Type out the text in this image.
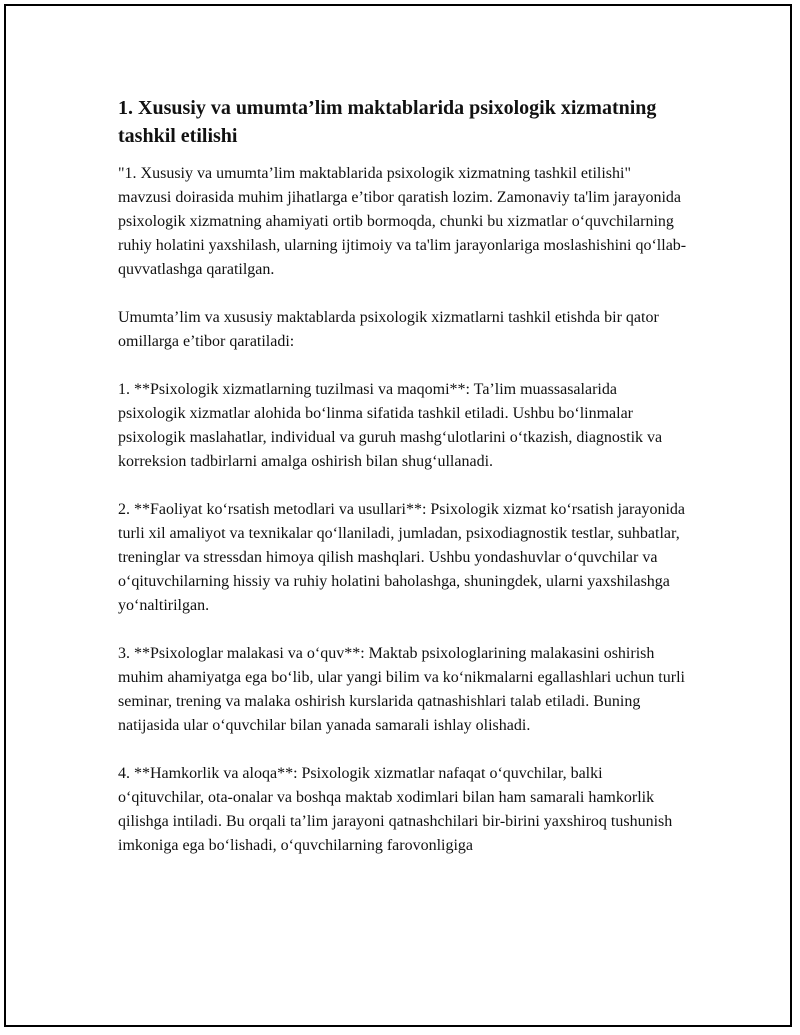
1. Xususiy va umumta’lim maktablarida psixologik xizmatning tashkil etilishi

"1. Xususiy va umumta’lim maktablarida psixologik xizmatning tashkil etilishi" mavzusi doirasida muhim jihatlarga e’tibor qaratish lozim. Zamonaviy ta'lim jarayonida psixologik xizmatning ahamiyati ortib bormoqda, chunki bu xizmatlar o‘quvchilarning ruhiy holatini yaxshilash, ularning ijtimoiy va ta'lim jarayonlariga moslashishini qo‘llab-quvvatlashga qaratilgan.

Umumta’lim va xususiy maktablarda psixologik xizmatlarni tashkil etishda bir qator omillarga e’tibor qaratiladi:

1. **Psixologik xizmatlarning tuzilmasi va maqomi**: Ta’lim muassasalarida psixologik xizmatlar alohida bo‘linma sifatida tashkil etiladi. Ushbu bo‘linmalar psixologik maslahatlar, individual va guruh mashg‘ulotlarini o‘tkazish, diagnostik va korreksion tadbirlarni amalga oshirish bilan shug‘ullanadi.

2. **Faoliyat ko‘rsatish metodlari va usullari**: Psixologik xizmat ko‘rsatish jarayonida turli xil amaliyot va texnikalar qo‘llaniladi, jumladan, psixodiagnostik testlar, suhbatlar, treninglar va stressdan himoya qilish mashqlari. Ushbu yondashuvlar o‘quvchilar va o‘qituvchilarning hissiy va ruhiy holatini baholashga, shuningdek, ularni yaxshilashga yo‘naltirilgan.

3. **Psixologlar malakasi va o‘quv**: Maktab psixologlarining malakasini oshirish muhim ahamiyatga ega bo‘lib, ular yangi bilim va ko‘nikmalarni egallashlari uchun turli seminar, trening va malaka oshirish kurslarida qatnashishlari talab etiladi. Buning natijasida ular o‘quvchilar bilan yanada samarali ishlay olishadi.

4. **Hamkorlik va aloqa**: Psixologik xizmatlar nafaqat o‘quvchilar, balki o‘qituvchilar, ota-onalar va boshqa maktab xodimlari bilan ham samarali hamkorlik qilishga intiladi. Bu orqali ta’lim jarayoni qatnashchilari bir-birini yaxshiroq tushunish imkoniga ega bo‘lishadi, o‘quvchilarning farovonligiga
